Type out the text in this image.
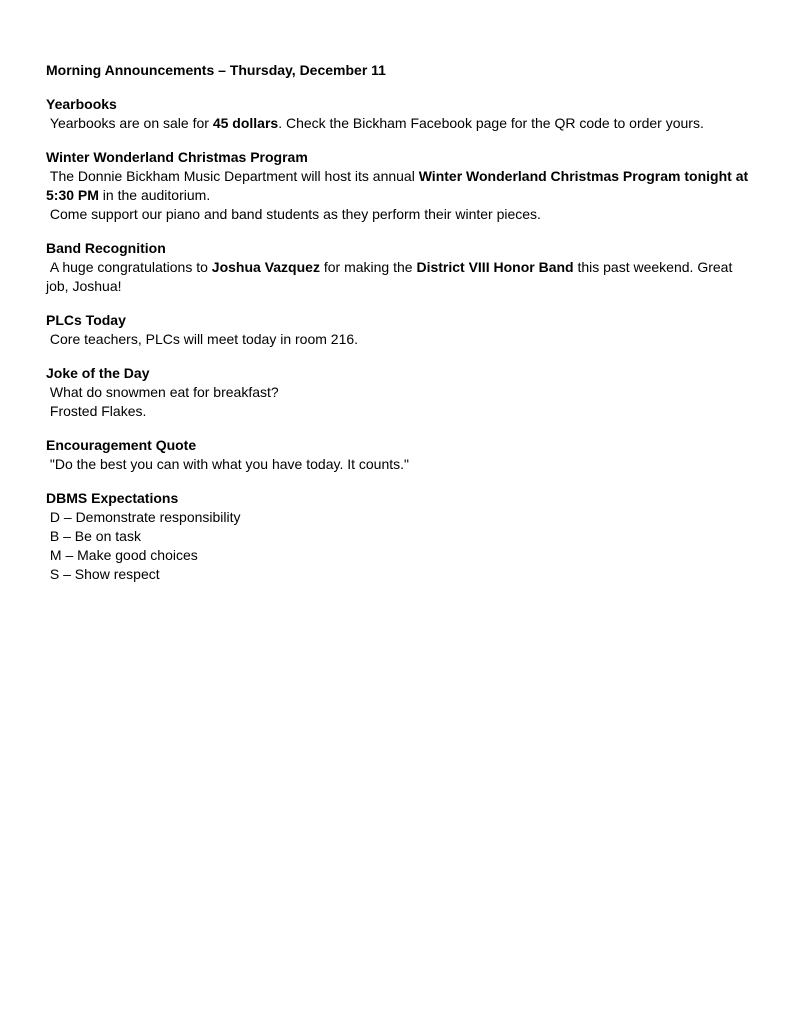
Morning Announcements – Thursday, December 11

Yearbooks

Yearbooks are on sale for 45 dollars. Check the Bickham Facebook page for the QR code to order yours.

Winter Wonderland Christmas Program

The Donnie Bickham Music Department will host its annual Winter Wonderland Christmas Program tonight at 5:30 PM in the auditorium.

Come support our piano and band students as they perform their winter pieces.

Band Recognition

A huge congratulations to Joshua Vazquez for making the District VIII Honor Band this past weekend. Great job, Joshua!

PLCs Today

Core teachers, PLCs will meet today in room 216.

Joke of the Day

What do snowmen eat for breakfast?

Frosted Flakes.

Encouragement Quote

"Do the best you can with what you have today. It counts."

DBMS Expectations

D – Demonstrate responsibility

B – Be on task

M – Make good choices

S – Show respect
